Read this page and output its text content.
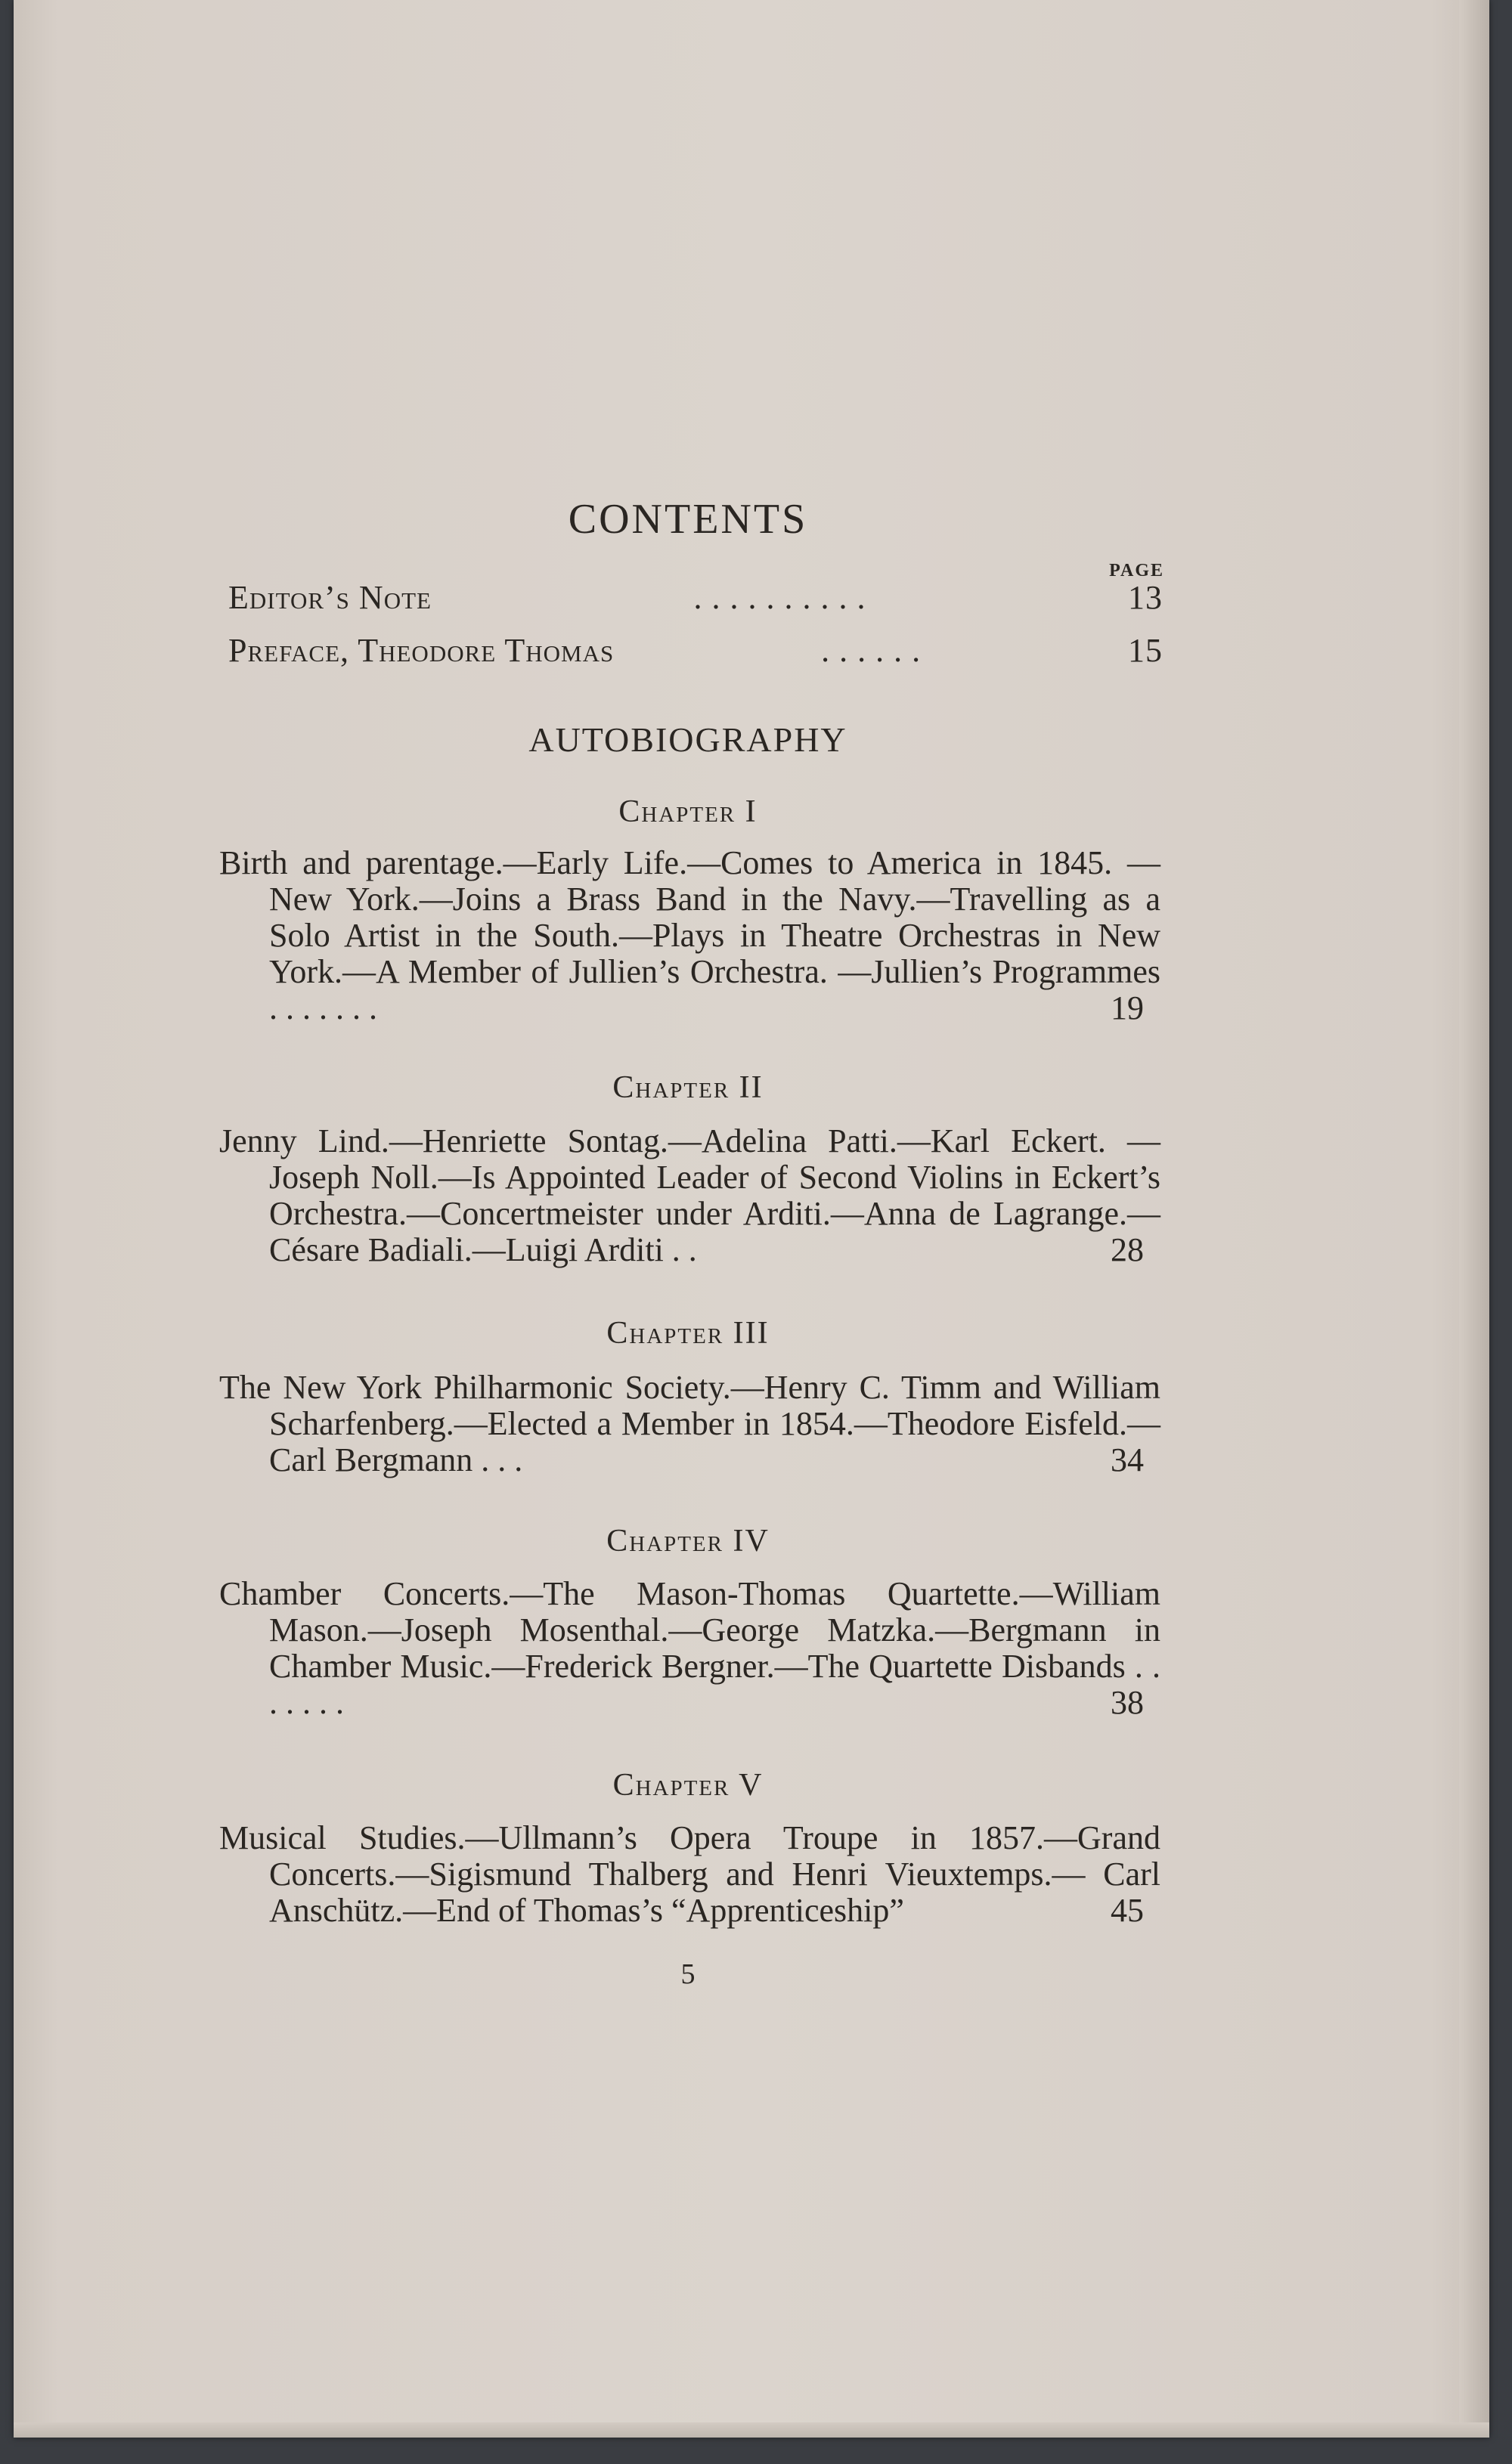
CONTENTS
PAGE
Editor’s Note	. . . . . . . . . .	13
Preface, Theodore Thomas	. . . . . .	15
AUTOBIOGRAPHY
Chapter I
Birth and parentage.—Early Life.—Comes to America in 1845. —New York.—Joins a Brass Band in the Navy.—Travelling as a Solo Artist in the South.—Plays in Theatre Orchestras in New York.—A Member of Jullien’s Orchestra. —Jullien’s Programmes . . . . . . .	19
Chapter II
Jenny Lind.—Henriette Sontag.—Adelina Patti.—Karl Eckert. —Joseph Noll.—Is Appointed Leader of Second Violins in Eckert’s Orchestra.—Concertmeister under Arditi.—Anna de Lagrange.—Césare Badiali.—Luigi Arditi . .	28
Chapter III
The New York Philharmonic Society.—Henry C. Timm and William Scharfenberg.—Elected a Member in 1854.—Theodore Eisfeld.—Carl Bergmann . . .	34
Chapter IV
Chamber Concerts.—The Mason-Thomas Quartette.—William Mason.—Joseph Mosenthal.—George Matzka.—Bergmann in Chamber Music.—Frederick Bergner.—The Quartette Disbands . . . . . . .	38
Chapter V
Musical Studies.—Ullmann’s Opera Troupe in 1857.—Grand Concerts.—Sigismund Thalberg and Henri Vieuxtemps.— Carl Anschütz.—End of Thomas’s “Apprenticeship”	45
5
